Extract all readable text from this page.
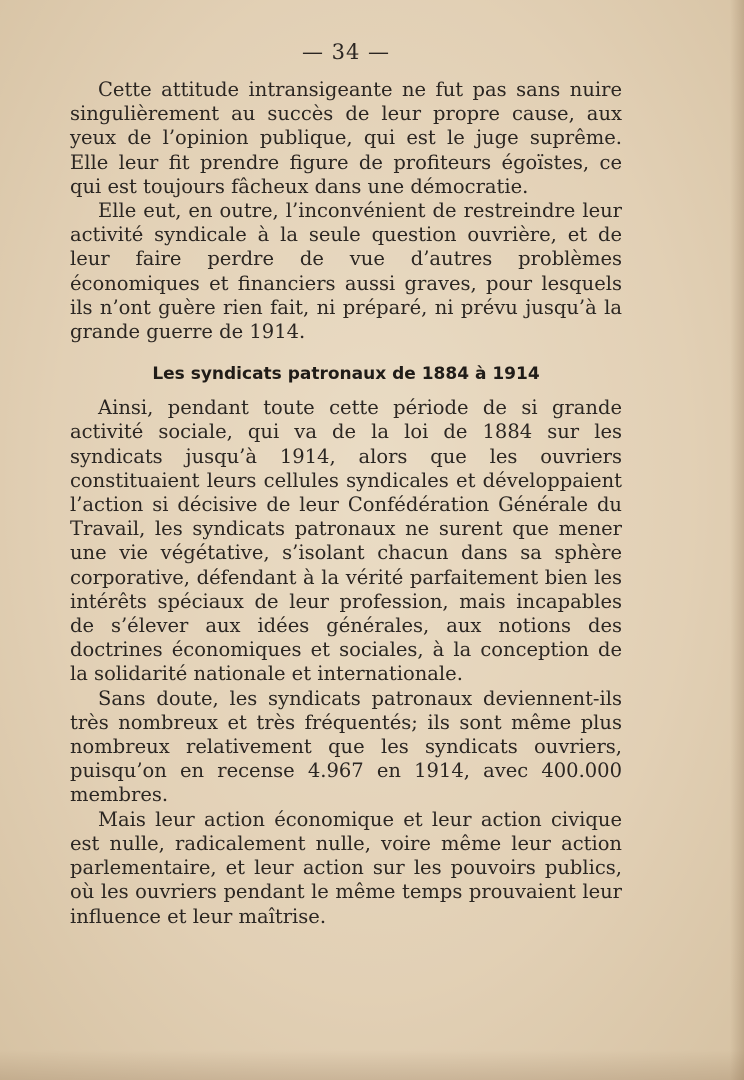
— 34 —

Cette attitude intransigeante ne fut pas sans nuire singulièrement au succès de leur propre cause, aux yeux de l’opinion publique, qui est le juge suprême. Elle leur fit prendre figure de profiteurs égoïstes, ce qui est toujours fâcheux dans une démocratie.

Elle eut, en outre, l’inconvénient de restreindre leur activité syndicale à la seule question ouvrière, et de leur faire perdre de vue d’autres problèmes économiques et financiers aussi graves, pour lesquels ils n’ont guère rien fait, ni préparé, ni prévu jusqu’à la grande guerre de 1914.

Les syndicats patronaux de 1884 à 1914

Ainsi, pendant toute cette période de si grande activité sociale, qui va de la loi de 1884 sur les syndicats jusqu’à 1914, alors que les ouvriers constituaient leurs cellules syndicales et développaient l’action si décisive de leur Confédération Générale du Travail, les syndicats patronaux ne surent que mener une vie végétative, s’isolant chacun dans sa sphère corporative, défendant à la vérité parfaitement bien les intérêts spéciaux de leur profession, mais incapables de s’élever aux idées générales, aux notions des doctrines économiques et sociales, à la conception de la solidarité nationale et internationale.

Sans doute, les syndicats patronaux deviennent-ils très nombreux et très fréquentés; ils sont même plus nombreux relativement que les syndicats ouvriers, puisqu’on en recense 4.967 en 1914, avec 400.000 membres.

Mais leur action économique et leur action civique est nulle, radicalement nulle, voire même leur action parlementaire, et leur action sur les pouvoirs publics, où les ouvriers pendant le même temps prouvaient leur influence et leur maîtrise.
